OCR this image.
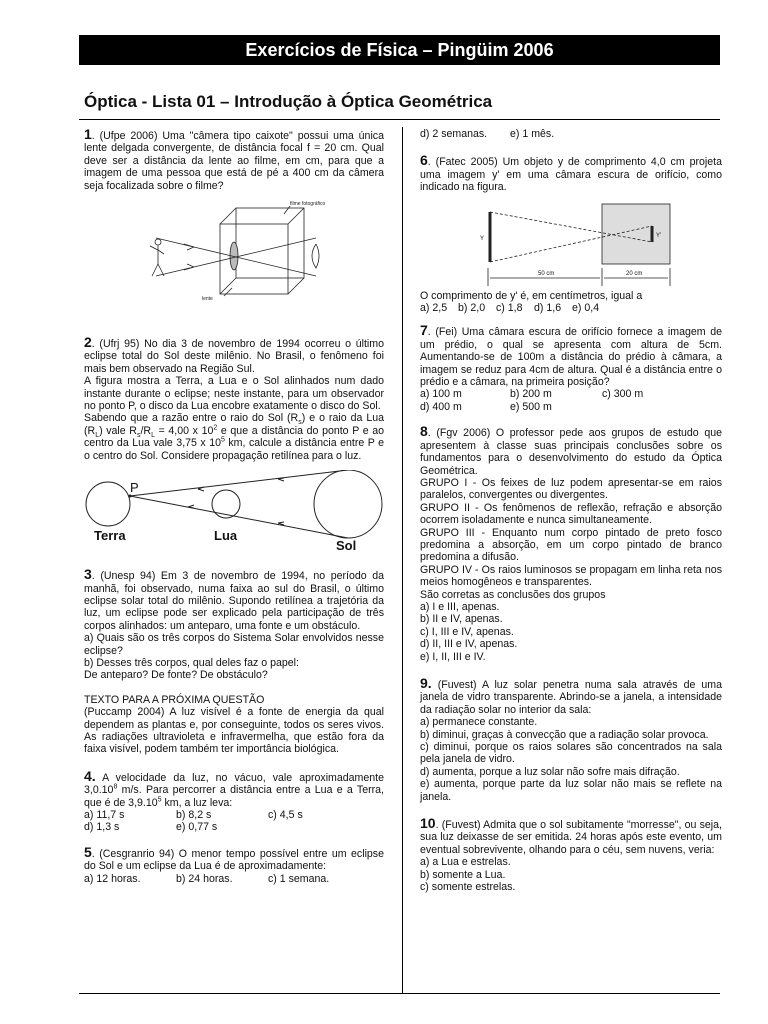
Exercícios de Física – Pingüim 2006
Óptica - Lista 01 – Introdução à Óptica Geométrica

1. (Ufpe 2006) Uma "câmera tipo caixote" possui uma única lente delgada convergente, de distância focal f = 20 cm. Qual deve ser a distância da lente ao filme, em cm, para que a imagem de uma pessoa que está de pé a 400 cm da câmera seja focalizada sobre o filme?

filme fotográfico
lente

2. (Ufrj 95) No dia 3 de novembro de 1994 ocorreu o último eclipse total do Sol deste milênio. No Brasil, o fenômeno foi mais bem observado na Região Sul.

A figura mostra a Terra, a Lua e o Sol alinhados num dado instante durante o eclipse; neste instante, para um observador no ponto P, o disco da Lua encobre exatamente o disco do Sol.

Sabendo que a razão entre o raio do Sol $(R_s)$ e o raio da Lua $(R_L)$ vale $R_s/R_L = 4,00$ x $10^2$ e que a distância do ponto P e ao centro da Lua vale 3,75 x $10^5$ km, calcule a distância entre P e o centro do Sol. Considere propagação retilínea para o luz.

P
Terra	Lua
Sol

3. (Unesp 94) Em 3 de novembro de 1994, no período da manhã, foi observado, numa faixa ao sul do Brasil, o último eclipse solar total do milênio. Supondo retilínea a trajetória da luz, um eclipse pode ser explicado pela participação de três corpos alinhados: um anteparo, uma fonte e um obstáculo.

a) Quais são os três corpos do Sistema Solar envolvidos nesse eclipse?

b) Desses três corpos, qual deles faz o papel:

De anteparo? De fonte? De obstáculo?

TEXTO PARA A PRÓXIMA QUESTÃO

(Puccamp 2004) A luz visível é a fonte de energia da qual dependem as plantas e, por conseguinte, todos os seres vivos. As radiações ultravioleta e infravermelha, que estão fora da faixa visível, podem também ter importância biológica.

4. A velocidade da luz, no vácuo, vale aproximadamente 3,0.10$^8$ m/s. Para percorrer a distância entre a Lua e a Terra, que é de 3,9.10$^5$ km, a luz leva:

a) 11,7 s	b) 8,2 s	c) 4,5 s
d) 1,3 s	e) 0,77 s

5. (Cesgranrio 94) O menor tempo possível entre um eclipse do Sol e um eclipse da Lua é de aproximadamente:

a) 12 horas.	b) 24 horas.	c) 1 semana.
d) 2 semanas.	e) 1 mês.

6. (Fatec 2005) Um objeto y de comprimento 4,0 cm projeta uma imagem y' em uma câmara escura de orifício, como indicado na figura.

Y	Y'
50 cm	20 cm

O comprimento de y' é, em centímetros, igual a

a) 2,5	b) 2,0	c) 1,8	d) 1,6	e) 0,4

7. (Fei) Uma câmara escura de orifício fornece a imagem de um prédio, o qual se apresenta com altura de 5cm. Aumentando-se de 100m a distância do prédio à câmara, a imagem se reduz para 4cm de altura. Qual é a distância entre o prédio e a câmara, na primeira posição?

a) 100 m	b) 200 m	c) 300 m
d) 400 m	e) 500 m

8. (Fgv 2006) O professor pede aos grupos de estudo que apresentem à classe suas principais conclusões sobre os fundamentos para o desenvolvimento do estudo da Óptica Geométrica.

GRUPO I - Os feixes de luz podem apresentar-se em raios paralelos, convergentes ou divergentes.

GRUPO II - Os fenômenos de reflexão, refração e absorção ocorrem isoladamente e nunca simultaneamente.

GRUPO III - Enquanto num corpo pintado de preto fosco predomina a absorção, em um corpo pintado de branco predomina a difusão.

GRUPO IV - Os raios luminosos se propagam em linha reta nos meios homogêneos e transparentes.

São corretas as conclusões dos grupos

a) I e III, apenas.

b) II e IV, apenas.

c) I, III e IV, apenas.

d) II, III e IV, apenas.

e) I, II, III e IV.

9. (Fuvest) A luz solar penetra numa sala através de uma janela de vidro transparente. Abrindo-se a janela, a intensidade da radiação solar no interior da sala:

a) permanece constante.

b) diminui, graças à convecção que a radiação solar provoca.

c) diminui, porque os raios solares são concentrados na sala pela janela de vidro.

d) aumenta, porque a luz solar não sofre mais difração.

e) aumenta, porque parte da luz solar não mais se reflete na janela.

10. (Fuvest) Admita que o sol subitamente "morresse", ou seja, sua luz deixasse de ser emitida. 24 horas após este evento, um eventual sobrevivente, olhando para o céu, sem nuvens, veria:

a) a Lua e estrelas.

b) somente a Lua.

c) somente estrelas.
